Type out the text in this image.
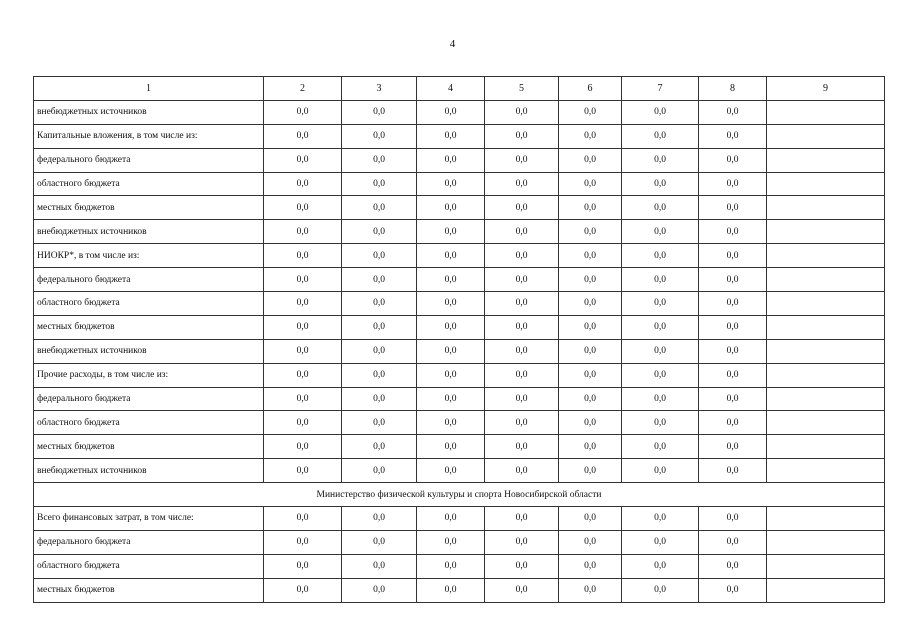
4
1	2	3	4	5	6	7	8	9
внебюджетных источников	0,0	0,0	0,0	0,0	0,0	0,0	0,0	
Капитальные вложения, в том числе из:	0,0	0,0	0,0	0,0	0,0	0,0	0,0	
федерального бюджета	0,0	0,0	0,0	0,0	0,0	0,0	0,0	
областного бюджета	0,0	0,0	0,0	0,0	0,0	0,0	0,0	
местных бюджетов	0,0	0,0	0,0	0,0	0,0	0,0	0,0	
внебюджетных источников	0,0	0,0	0,0	0,0	0,0	0,0	0,0	
НИОКР*, в том числе из:	0,0	0,0	0,0	0,0	0,0	0,0	0,0	
федерального бюджета	0,0	0,0	0,0	0,0	0,0	0,0	0,0	
областного бюджета	0,0	0,0	0,0	0,0	0,0	0,0	0,0	
местных бюджетов	0,0	0,0	0,0	0,0	0,0	0,0	0,0	
внебюджетных источников	0,0	0,0	0,0	0,0	0,0	0,0	0,0	
Прочие расходы, в том числе из:	0,0	0,0	0,0	0,0	0,0	0,0	0,0	
федерального бюджета	0,0	0,0	0,0	0,0	0,0	0,0	0,0	
областного бюджета	0,0	0,0	0,0	0,0	0,0	0,0	0,0	
местных бюджетов	0,0	0,0	0,0	0,0	0,0	0,0	0,0	
внебюджетных источников	0,0	0,0	0,0	0,0	0,0	0,0	0,0	
Министерство физической культуры и спорта Новосибирской области								
Всего финансовых затрат, в том числе:	0,0	0,0	0,0	0,0	0,0	0,0	0,0	
федерального бюджета	0,0	0,0	0,0	0,0	0,0	0,0	0,0	
областного бюджета	0,0	0,0	0,0	0,0	0,0	0,0	0,0	
местных бюджетов	0,0	0,0	0,0	0,0	0,0	0,0	0,0	
